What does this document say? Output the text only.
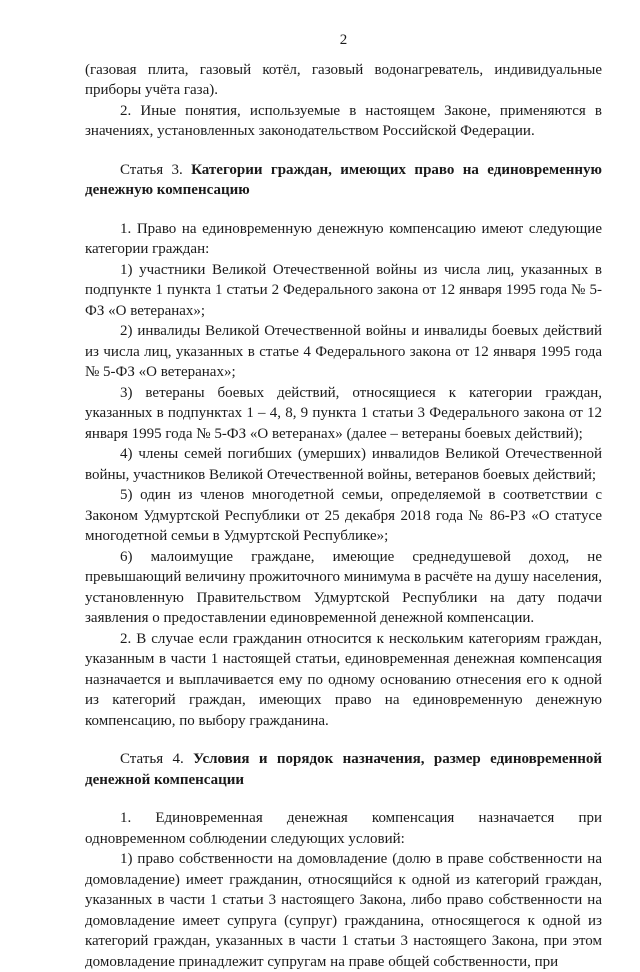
2

(газовая плита, газовый котёл, газовый водонагреватель, индивидуальные приборы учёта газа).

2. Иные понятия, используемые в настоящем Законе, применяются в значениях, установленных законодательством Российской Федерации.

Статья 3. Категории граждан, имеющих право на единовременную денежную компенсацию

1. Право на единовременную денежную компенсацию имеют следующие категории граждан:

1) участники Великой Отечественной войны из числа лиц, указанных в подпункте 1 пункта 1 статьи 2 Федерального закона от 12 января 1995 года № 5-ФЗ «О ветеранах»;

2) инвалиды Великой Отечественной войны и инвалиды боевых действий из числа лиц, указанных в статье 4 Федерального закона от 12 января 1995 года № 5-ФЗ «О ветеранах»;

3) ветераны боевых действий, относящиеся к категории граждан, указанных в подпунктах 1 – 4, 8, 9 пункта 1 статьи 3 Федерального закона от 12 января 1995 года № 5-ФЗ «О ветеранах» (далее – ветераны боевых действий);

4) члены семей погибших (умерших) инвалидов Великой Отечественной войны, участников Великой Отечественной войны, ветеранов боевых действий;

5) один из членов многодетной семьи, определяемой в соответствии с Законом Удмуртской Республики от 25 декабря 2018 года № 86-РЗ «О статусе многодетной семьи в Удмуртской Республике»;

6) малоимущие граждане, имеющие среднедушевой доход, не превышающий величину прожиточного минимума в расчёте на душу населения, установленную Правительством Удмуртской Республики на дату подачи заявления о предоставлении единовременной денежной компенсации.

2. В случае если гражданин относится к нескольким категориям граждан, указанным в части 1 настоящей статьи, единовременная денежная компенсация назначается и выплачивается ему по одному основанию отнесения его к одной из категорий граждан, имеющих право на единовременную денежную компенсацию, по выбору гражданина.

Статья 4. Условия и порядок назначения, размер единовременной денежной компенсации

1. Единовременная денежная компенсация назначается при одновременном соблюдении следующих условий:

1) право собственности на домовладение (долю в праве собственности на домовладение) имеет гражданин, относящийся к одной из категорий граждан, указанных в части 1 статьи 3 настоящего Закона, либо право собственности на домовладение имеет супруга (супруг) гражданина, относящегося к одной из категорий граждан, указанных в части 1 статьи 3 настоящего Закона, при этом домовладение принадлежит супругам на праве общей собственности, при
